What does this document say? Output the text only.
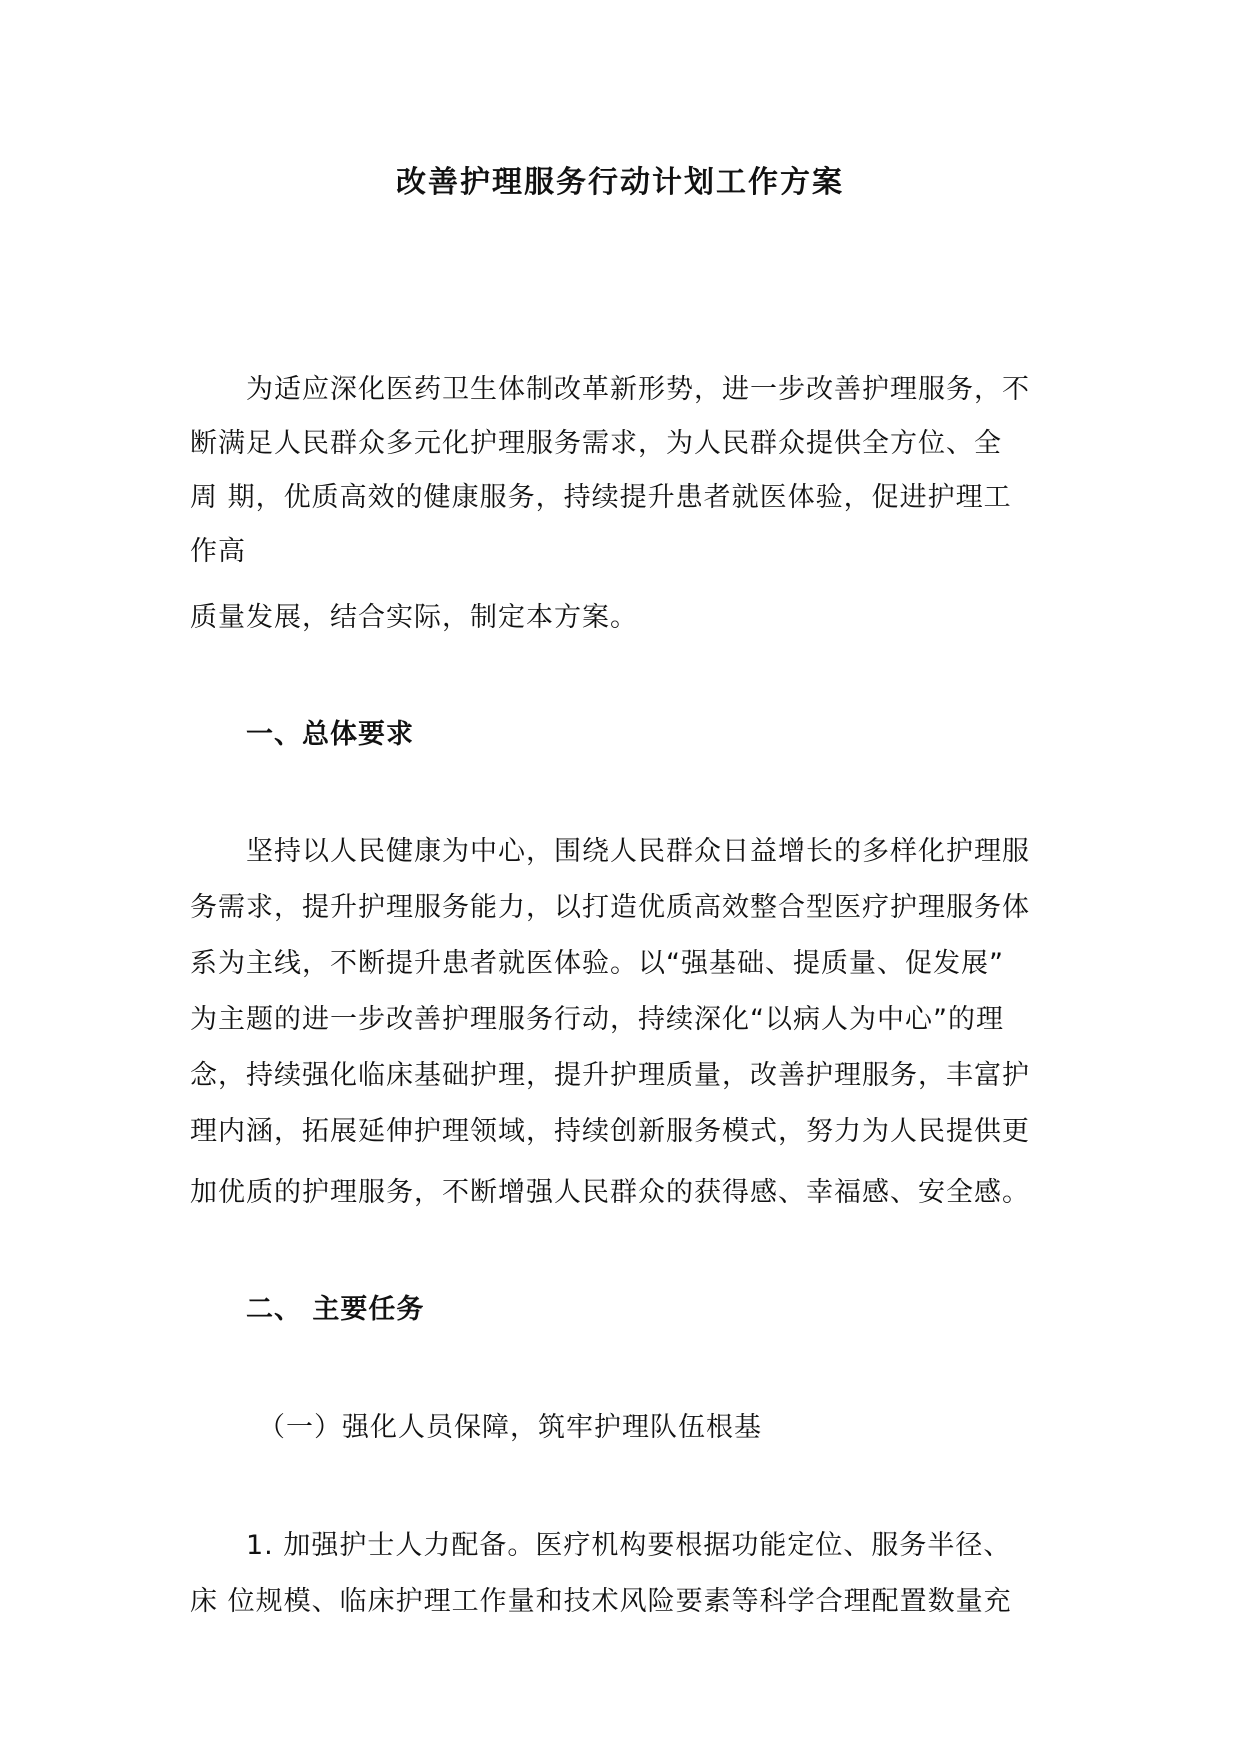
改善护理服务行动计划工作方案
为适应深化医药卫生体制改革新形势，进一步改善护理服务，不
断满足人民群众多元化护理服务需求，为人民群众提供全方位、全
周 期，优质高效的健康服务，持续提升患者就医体验，促进护理工
作高
质量发展，结合实际，制定本方案。
一、总体要求
坚持以人民健康为中心，围绕人民群众日益增长的多样化护理服
务需求，提升护理服务能力，以打造优质高效整合型医疗护理服务体
系为主线，不断提升患者就医体验。以“强基础、提质量、促发展”
为主题的进一步改善护理服务行动，持续深化“以病人为中心”的理
念，持续强化临床基础护理，提升护理质量，改善护理服务，丰富护
理内涵，拓展延伸护理领域，持续创新服务模式，努力为人民提供更
加优质的护理服务，不断增强人民群众的获得感、幸福感、安全感。
二、 主要任务
（一）强化人员保障，筑牢护理队伍根基
1. 加强护士人力配备。医疗机构要根据功能定位、服务半径、
床 位规模、临床护理工作量和技术风险要素等科学合理配置数量充
